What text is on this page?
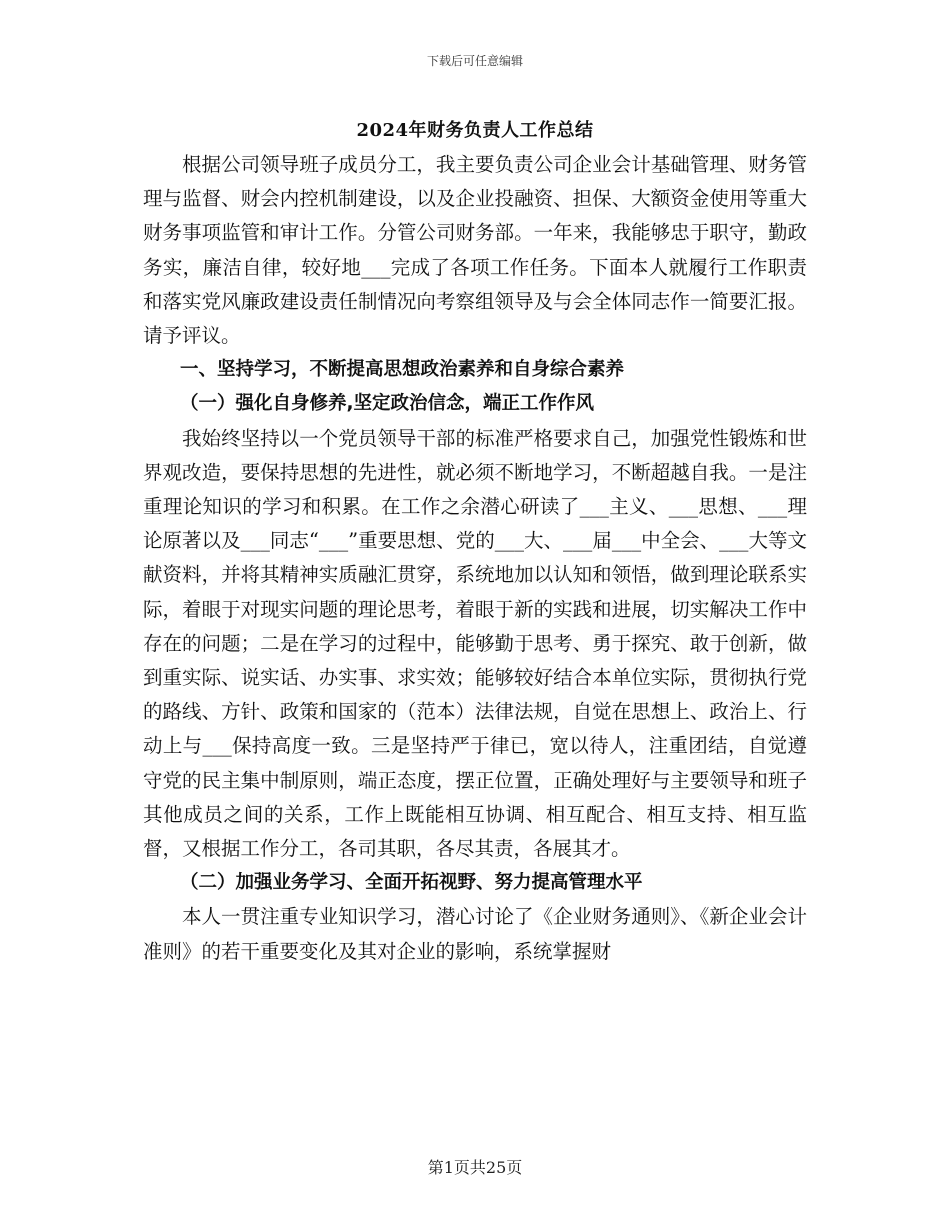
下载后可任意编辑
2024年财务负责人工作总结

根据公司领导班子成员分工，我主要负责公司企业会计基础管理、财务管理与监督、财会内控机制建设，以及企业投融资、担保、大额资金使用等重大财务事项监管和审计工作。分管公司财务部。一年来，我能够忠于职守，勤政务实，廉洁自律，较好地___完成了各项工作任务。下面本人就履行工作职责和落实党风廉政建设责任制情况向考察组领导及与会全体同志作一简要汇报。请予评议。

一、坚持学习，不断提高思想政治素养和自身综合素养

（一）强化自身修养,坚定政治信念，端正工作作风

我始终坚持以一个党员领导干部的标准严格要求自己，加强党性锻炼和世界观改造，要保持思想的先进性，就必须不断地学习，不断超越自我。一是注重理论知识的学习和积累。在工作之余潜心研读了___主义、___思想、___理论原著以及___同志“___”重要思想、党的___大、___届___中全会、___大等文献资料，并将其精神实质融汇贯穿，系统地加以认知和领悟，做到理论联系实际，着眼于对现实问题的理论思考，着眼于新的实践和进展，切实解决工作中存在的问题；二是在学习的过程中，能够勤于思考、勇于探究、敢于创新，做到重实际、说实话、办实事、求实效；能够较好结合本单位实际，贯彻执行党的路线、方针、政策和国家的（范本）法律法规，自觉在思想上、政治上、行动上与___保持高度一致。三是坚持严于律已，宽以待人，注重团结，自觉遵守党的民主集中制原则，端正态度，摆正位置，正确处理好与主要领导和班子其他成员之间的关系，工作上既能相互协调、相互配合、相互支持、相互监督，又根据工作分工，各司其职，各尽其责，各展其才。

（二）加强业务学习、全面开拓视野、努力提高管理水平

本人一贯注重专业知识学习，潜心讨论了《企业财务通则》、《新企业会计准则》的若干重要变化及其对企业的影响，系统掌握财

第1页共25页
